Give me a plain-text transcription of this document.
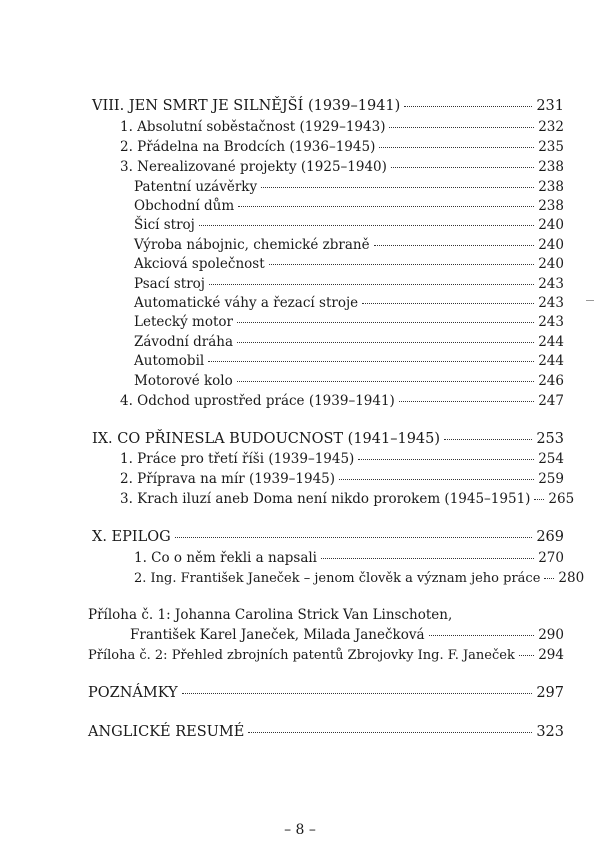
VIII. JEN SMRT JE SILNĚJŠÍ (1939–1941)	231
1. Absolutní soběstačnost (1929–1943)	232
2. Přádelna na Brodcích (1936–1945)	235
3. Nerealizované projekty (1925–1940)	238
Patentní uzávěrky	238
Obchodní dům	238
Šicí stroj	240
Výroba nábojnic, chemické zbraně	240
Akciová společnost	240
Psací stroj	243
Automatické váhy a řezací stroje	243
Letecký motor	243
Závodní dráha	244
Automobil	244
Motorové kolo	246
4. Odchod uprostřed práce (1939–1941)	247
IX. CO PŘINESLA BUDOUCNOST (1941–1945)	253
1. Práce pro třetí říši (1939–1945)	254
2. Příprava na mír (1939–1945)	259
3. Krach iluzí aneb Doma není nikdo prorokem (1945–1951) 265
X. EPILOG	269
1. Co o něm řekli a napsali	270
2. Ing. František Janeček – jenom člověk a význam jeho práce 280
Příloha č. 1: Johanna Carolina Strick Van Linschoten,
František Karel Janeček, Milada Janečková	290
Příloha č. 2: Přehled zbrojních patentů Zbrojovky Ing. F. Janeček 294
POZNÁMKY	297
ANGLICKÉ RESUMÉ	323
– 8 –
